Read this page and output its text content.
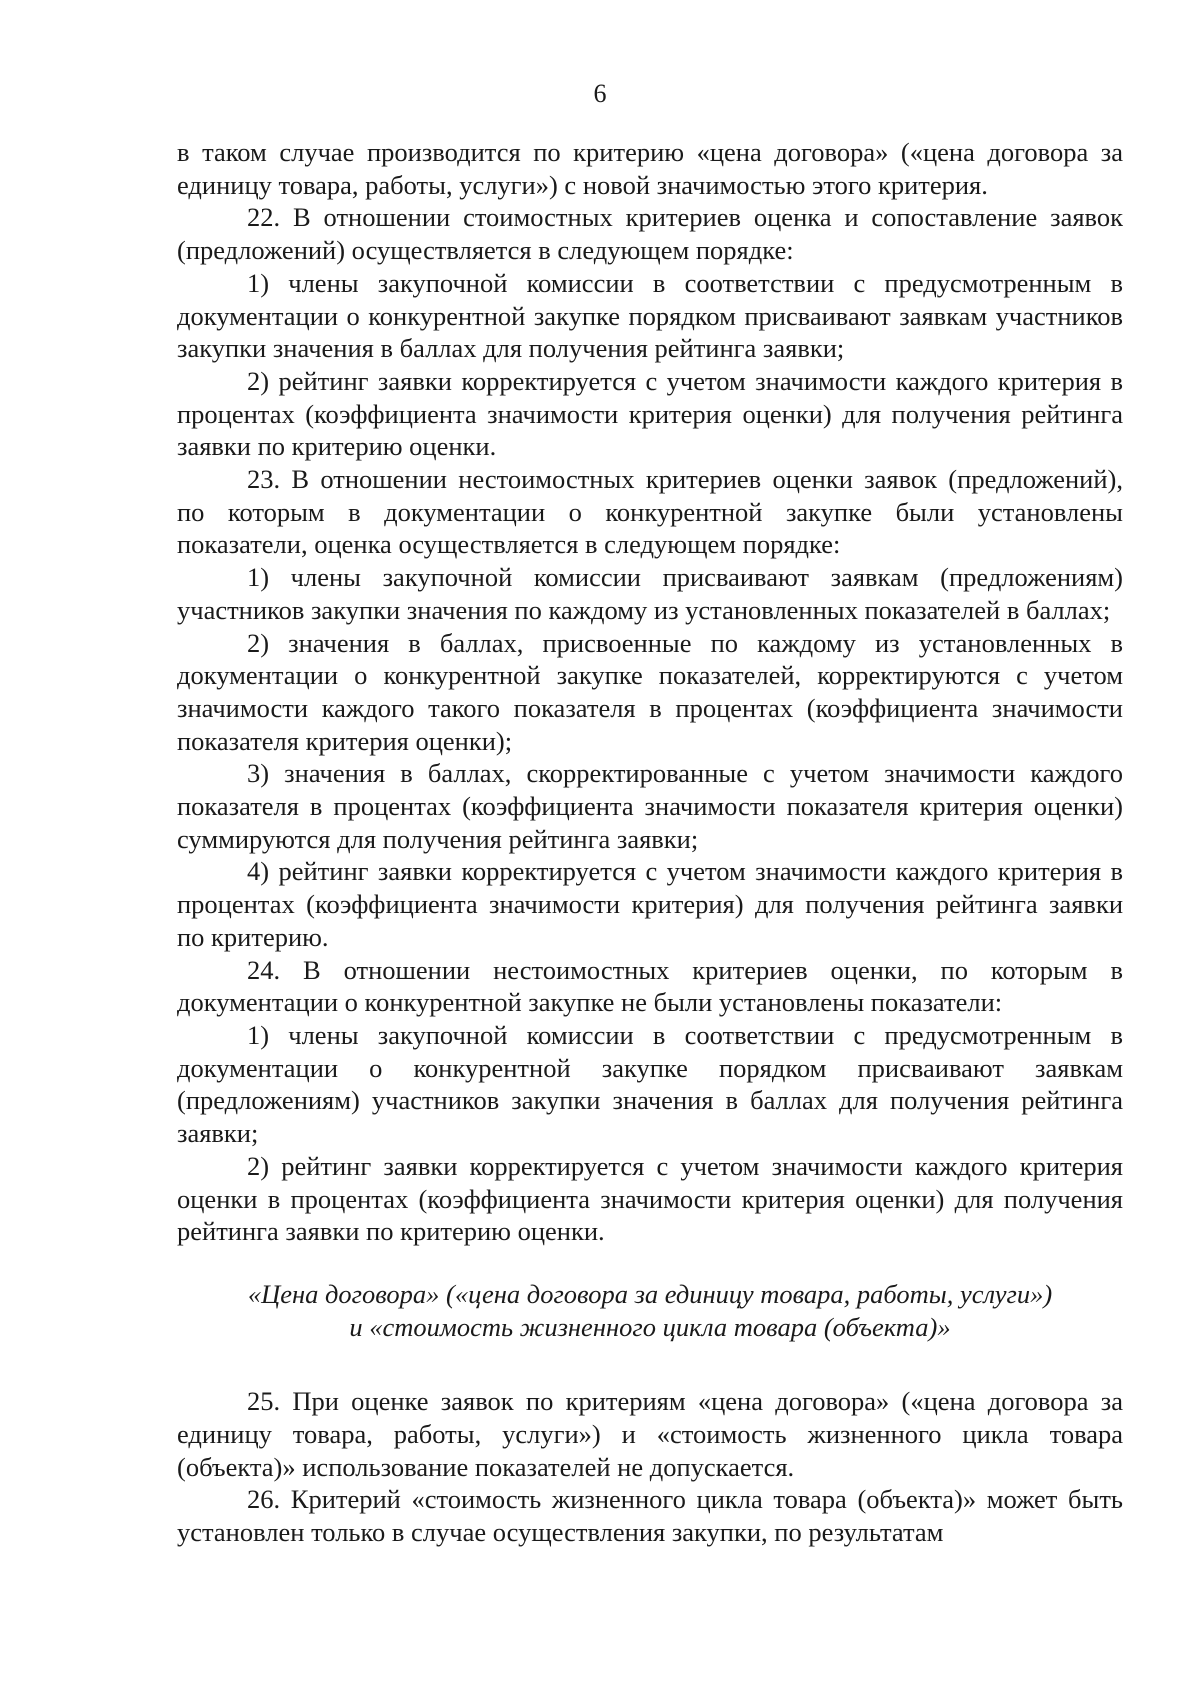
6

в таком случае производится по критерию «цена договора» («цена договора за единицу товара, работы, услуги») с новой значимостью этого критерия.

22. В отношении стоимостных критериев оценка и сопоставление заявок (предложений) осуществляется в следующем порядке:

1) члены закупочной комиссии в соответствии с предусмотренным в документации о конкурентной закупке порядком присваивают заявкам участников закупки значения в баллах для получения рейтинга заявки;

2) рейтинг заявки корректируется с учетом значимости каждого критерия в процентах (коэффициента значимости критерия оценки) для получения рейтинга заявки по критерию оценки.

23. В отношении нестоимостных критериев оценки заявок (предложений), по которым в документации о конкурентной закупке были установлены показатели, оценка осуществляется в следующем порядке:

1) члены закупочной комиссии присваивают заявкам (предложениям) участников закупки значения по каждому из установленных показателей в баллах;

2) значения в баллах, присвоенные по каждому из установленных в документации о конкурентной закупке показателей, корректируются с учетом значимости каждого такого показателя в процентах (коэффициента значимости показателя критерия оценки);

3) значения в баллах, скорректированные с учетом значимости каждого показателя в процентах (коэффициента значимости показателя критерия оценки) суммируются для получения рейтинга заявки;

4) рейтинг заявки корректируется с учетом значимости каждого критерия в процентах (коэффициента значимости критерия) для получения рейтинга заявки по критерию.

24. В отношении нестоимостных критериев оценки, по которым в документации о конкурентной закупке не были установлены показатели:

1) члены закупочной комиссии в соответствии с предусмотренным в документации о конкурентной закупке порядком присваивают заявкам (предложениям) участников закупки значения в баллах для получения рейтинга заявки;

2) рейтинг заявки корректируется с учетом значимости каждого критерия оценки в процентах (коэффициента значимости критерия оценки) для получения рейтинга заявки по критерию оценки.

«Цена договора» («цена договора за единицу товара, работы, услуги»)
и «стоимость жизненного цикла товара (объекта)»

25. При оценке заявок по критериям «цена договора» («цена договора за единицу товара, работы, услуги») и «стоимость жизненного цикла товара (объекта)» использование показателей не допускается.

26. Критерий «стоимость жизненного цикла товара (объекта)» может быть установлен только в случае осуществления закупки, по результатам
